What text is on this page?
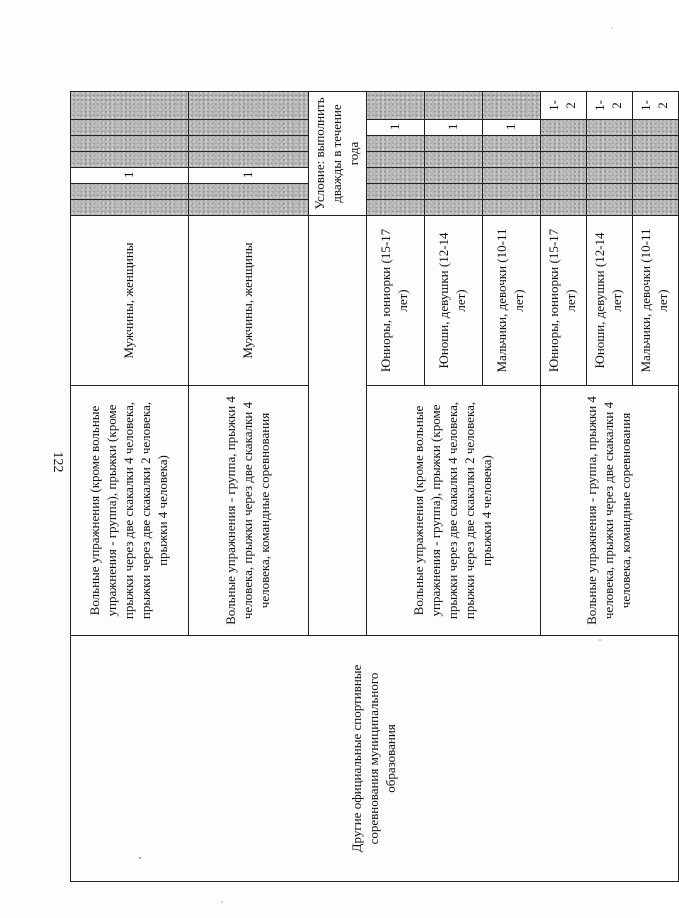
122
Другие официальные спортивные соревнования муниципального образования	Вольные упражнения (кроме вольные упражнения - группа), прыжки (кроме прыжки через две скакалки 4 человека, прыжки через две скакалки 2 человека, прыжки 4 человека)	Мужчины, женщины			1				
	Вольные упражнения - группа, прыжки 4 человека, прыжки через две скакалки 4 человека, командные соревнования	Мужчины, женщины			1				
			Условие: выполнить дважды в течение года						
	Вольные упражнения (кроме вольные упражнения - группа), прыжки (кроме прыжки через две скакалки 4 человека, прыжки через две скакалки 2 человека, прыжки 4 человека)	Юниоры, юниорки (15-17 лет)						1	
		Юноши, девушки (12-14 лет)						1	
		Мальчики, девочки (10-11 лет)						1	
	Вольные упражнения - группа, прыжки 4 человека, прыжки через две скакалки 4 человека, командные соревнования	Юниоры, юниорки (15-17 лет)							1-2
		Юноши, девушки (12-14 лет)							1-2
		Мальчики, девочки (10-11 лет)							1-2
